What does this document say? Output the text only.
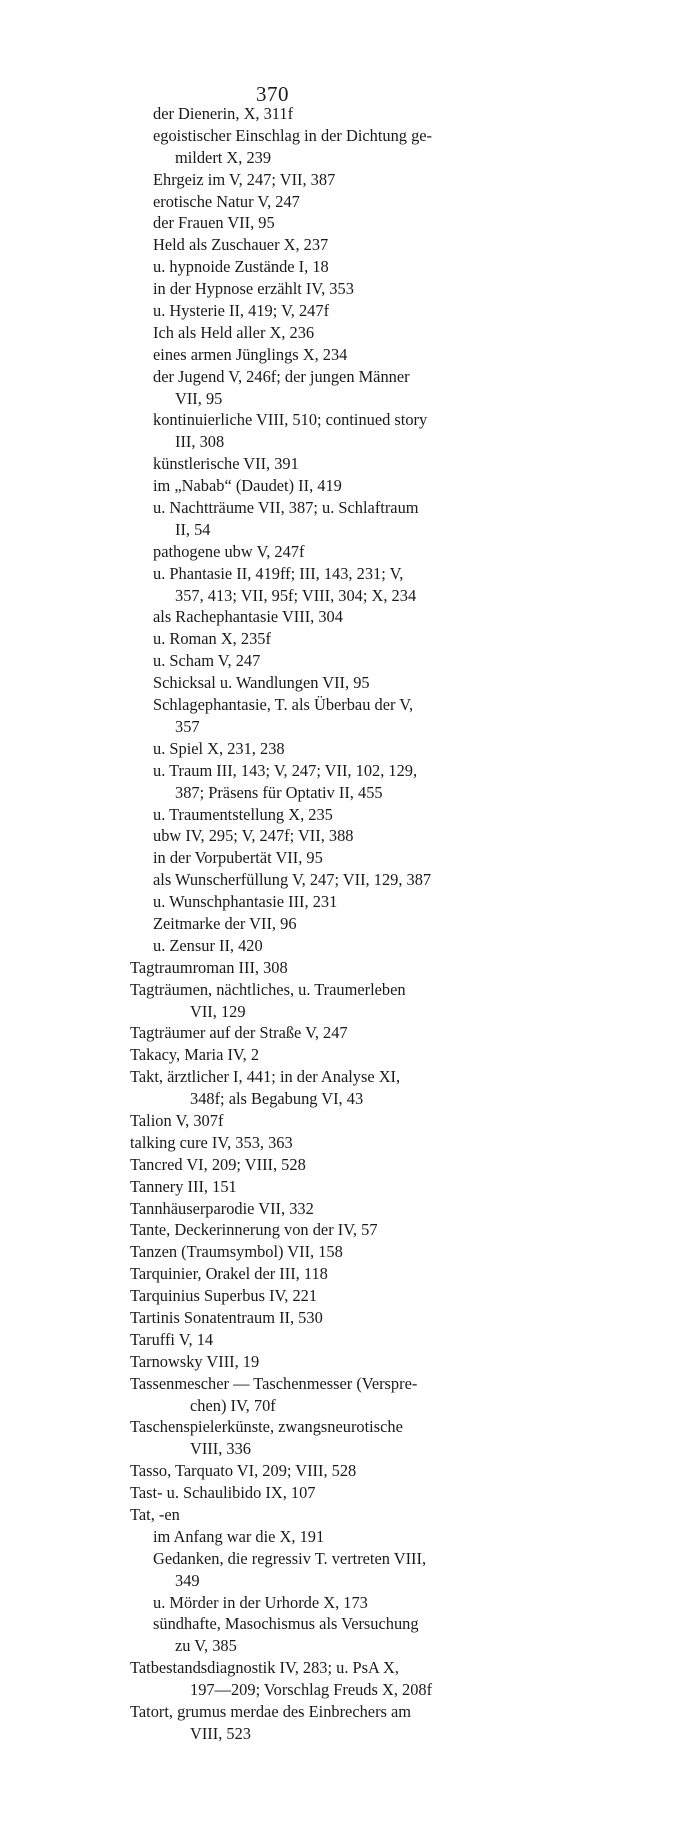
370
der Dienerin, X, 311f
egoistischer Einschlag in der Dichtung ge-
mildert X, 239
Ehrgeiz im V, 247; VII, 387
erotische Natur V, 247
der Frauen VII, 95
Held als Zuschauer X, 237
u. hypnoide Zustände I, 18
in der Hypnose erzählt IV, 353
u. Hysterie II, 419; V, 247f
Ich als Held aller X, 236
eines armen Jünglings X, 234
der Jugend V, 246f; der jungen Männer
VII, 95
kontinuierliche VIII, 510; continued story
III, 308
künstlerische VII, 391
im „Nabab“ (Daudet) II, 419
u. Nachtträume VII, 387; u. Schlaftraum
II, 54
pathogene ubw V, 247f
u. Phantasie II, 419ff; III, 143, 231; V,
357, 413; VII, 95f; VIII, 304; X, 234
als Rachephantasie VIII, 304
u. Roman X, 235f
u. Scham V, 247
Schicksal u. Wandlungen VII, 95
Schlagephantasie, T. als Überbau der V,
357
u. Spiel X, 231, 238
u. Traum III, 143; V, 247; VII, 102, 129,
387; Präsens für Optativ II, 455
u. Traumentstellung X, 235
ubw IV, 295; V, 247f; VII, 388
in der Vorpubertät VII, 95
als Wunscherfüllung V, 247; VII, 129, 387
u. Wunschphantasie III, 231
Zeitmarke der VII, 96
u. Zensur II, 420
Tagtraumroman III, 308
Tagträumen, nächtliches, u. Traumerleben
VII, 129
Tagträumer auf der Straße V, 247
Takacy, Maria IV, 2
Takt, ärztlicher I, 441; in der Analyse XI,
348f; als Begabung VI, 43
Talion V, 307f
talking cure IV, 353, 363
Tancred VI, 209; VIII, 528
Tannery III, 151
Tannhäuserparodie VII, 332
Tante, Deckerinnerung von der IV, 57
Tanzen (Traumsymbol) VII, 158
Tarquinier, Orakel der III, 118
Tarquinius Superbus IV, 221
Tartinis Sonatentraum II, 530
Taruffi V, 14
Tarnowsky VIII, 19
Tassenmescher — Taschenmesser (Verspre-
chen) IV, 70f
Taschenspielerkünste, zwangsneurotische
VIII, 336
Tasso, Tarquato VI, 209; VIII, 528
Tast- u. Schaulibido IX, 107
Tat, -en
im Anfang war die X, 191
Gedanken, die regressiv T. vertreten VIII,
349
u. Mörder in der Urhorde X, 173
sündhafte, Masochismus als Versuchung
zu V, 385
Tatbestandsdiagnostik IV, 283; u. PsA X,
197—209; Vorschlag Freuds X, 208f
Tatort, grumus merdae des Einbrechers am
VIII, 523
